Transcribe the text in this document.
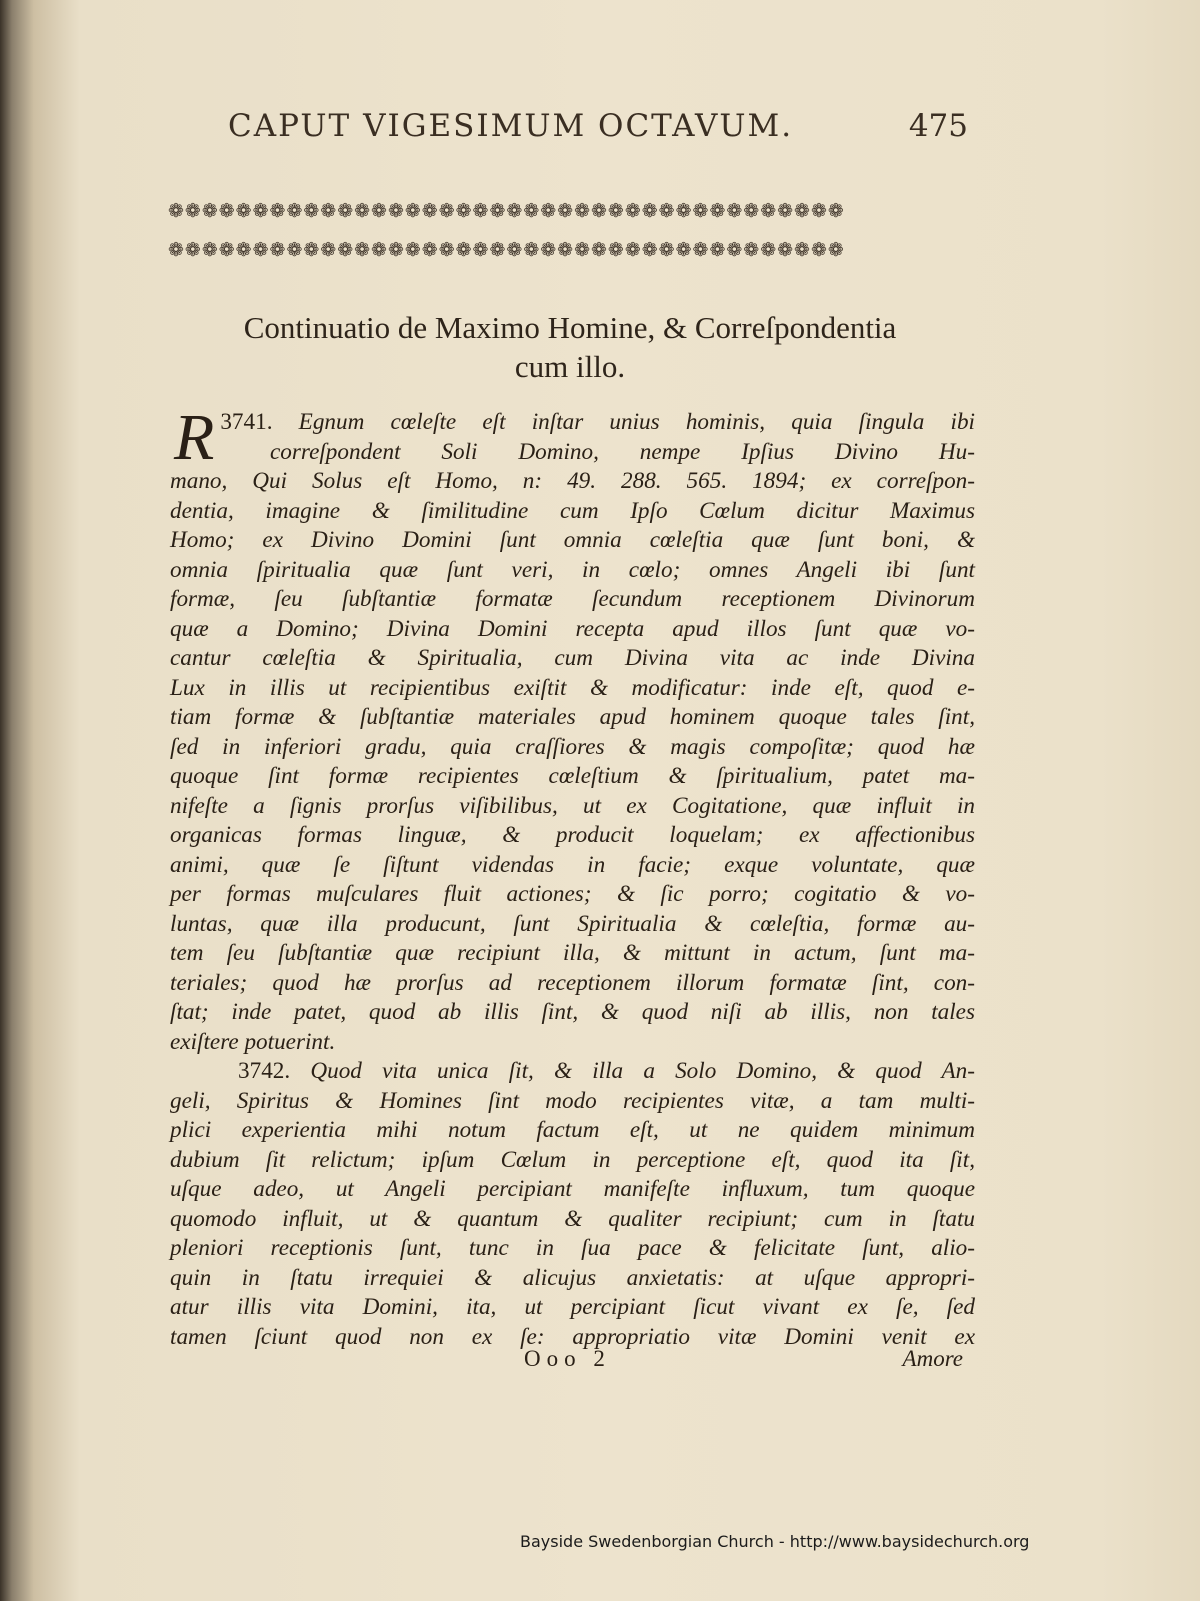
CAPUT VIGESIMUM OCTAVUM.	475
❁❁❁❁❁❁❁❁❁❁❁❁❁❁❁❁❁❁❁❁❁❁❁❁❁❁❁❁❁❁❁❁❁❁❁❁❁❁❁❁
❁❁❁❁❁❁❁❁❁❁❁❁❁❁❁❁❁❁❁❁❁❁❁❁❁❁❁❁❁❁❁❁❁❁❁❁❁❁❁❁
Continuatio de Maximo Homine, & Correſpondentia
cum illo.
3741.
R	Egnum cœleſte eſt inſtar unius hominis, quia ſingula ibi
correſpondent Soli Domino, nempe Ipſius Divino Hu-
mano, Qui Solus eſt Homo, n: 49. 288. 565. 1894; ex correſpon-
dentia, imagine & ſimilitudine cum Ipſo Cœlum dicitur Maximus
Homo; ex Divino Domini ſunt omnia cœleſtia quæ ſunt boni, &
omnia ſpiritualia quæ ſunt veri, in cœlo; omnes Angeli ibi ſunt
formæ, ſeu ſubſtantiæ formatæ ſecundum receptionem Divinorum
quæ a Domino; Divina Domini recepta apud illos ſunt quæ vo-
cantur cœleſtia & Spiritualia, cum Divina vita ac inde Divina
Lux in illis ut recipientibus exiſtit & modificatur: inde eſt, quod e-
tiam formæ & ſubſtantiæ materiales apud hominem quoque tales ſint,
ſed in inferiori gradu, quia craſſiores & magis compoſitæ; quod hæ
quoque ſint formæ recipientes cœleſtium & ſpiritualium, patet ma-
nifeſte a ſignis prorſus viſibilibus, ut ex Cogitatione, quæ influit in
organicas formas linguæ, & producit loquelam; ex affectionibus
animi, quæ ſe ſiſtunt videndas in facie; exque voluntate, quæ
per formas muſculares fluit actiones; & ſic porro; cogitatio & vo-
luntas, quæ illa producunt, ſunt Spiritualia & cœleſtia, formæ au-
tem ſeu ſubſtantiæ quæ recipiunt illa, & mittunt in actum, ſunt ma-
teriales; quod hæ prorſus ad receptionem illorum formatæ ſint, con-
ſtat; inde patet, quod ab illis ſint, & quod niſi ab illis, non tales
exiſtere potuerint.
3742. Quod vita unica ſit, & illa a Solo Domino, & quod An-
geli, Spiritus & Homines ſint modo recipientes vitæ, a tam multi-
plici experientia mihi notum factum eſt, ut ne quidem minimum
dubium ſit relictum; ipſum Cœlum in perceptione eſt, quod ita ſit,
uſque adeo, ut Angeli percipiant manifeſte influxum, tum quoque
quomodo influit, ut & quantum & qualiter recipiunt; cum in ſtatu
pleniori receptionis ſunt, tunc in ſua pace & felicitate ſunt, alio-
quin in ſtatu irrequiei & alicujus anxietatis: at uſque appropri-
atur illis vita Domini, ita, ut percipiant ſicut vivant ex ſe, ſed
tamen ſciunt quod non ex ſe: appropriatio vitæ Domini venit ex
Ooo 2	Amore
Bayside Swedenborgian Church - http://www.baysidechurch.org
